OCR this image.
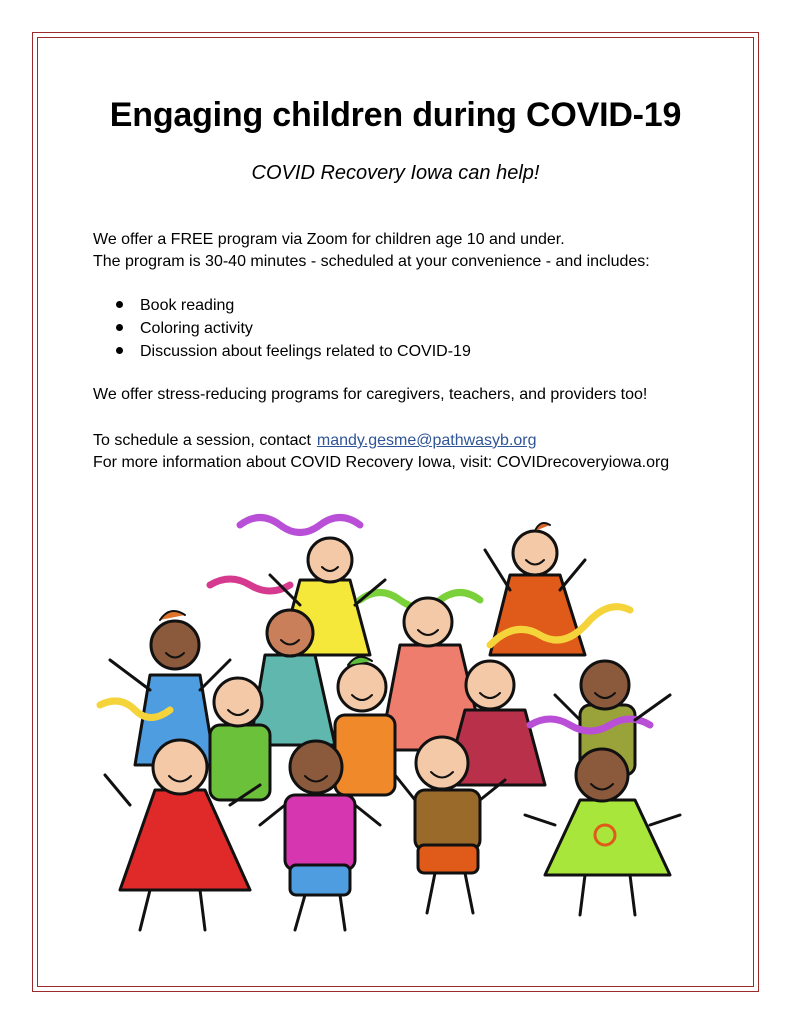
Engaging children during COVID-19

COVID Recovery Iowa can help!

We offer a FREE program via Zoom for children age 10 and under.
The program is 30-40 minutes - scheduled at your convenience - and includes:
Book reading
Coloring activity
Discussion about feelings related to COVID-19

We offer stress-reducing programs for caregivers, teachers, and providers too!

To schedule a session, contact mandy.gesme@pathwasyb.org
For more information about COVID Recovery Iowa, visit: COVIDrecoveryiowa.org
